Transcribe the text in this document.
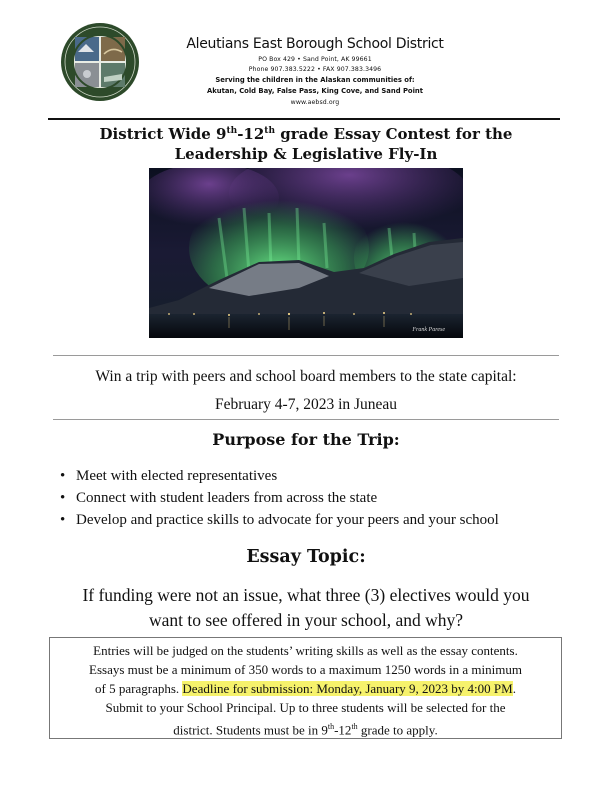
Aleutians East Borough School District
PO Box 429 • Sand Point, AK 99661
Phone 907.383.5222 • FAX 907.383.3496
Serving the children in the Alaskan communities of:
Akutan, Cold Bay, False Pass, King Cove, and Sand Point
www.aebsd.org
District Wide 9th-12th grade Essay Contest for the
Leadership & Legislative Fly-In
Frank Parese
Win a trip with peers and school board members to the state capital:
February 4-7, 2023 in Juneau
Purpose for the Trip:
• Meet with elected representatives
• Connect with student leaders from across the state
• Develop and practice skills to advocate for your peers and your school
Essay Topic:
If funding were not an issue, what three (3) electives would you
want to see offered in your school, and why?
Entries will be judged on the students’ writing skills as well as the essay contents.
Essays must be a minimum of 350 words to a maximum 1250 words in a minimum
of 5 paragraphs. Deadline for submission: Monday, January 9, 2023 by 4:00 PM.
Submit to your School Principal. Up to three students will be selected for the
district. Students must be in 9th-12th grade to apply.
